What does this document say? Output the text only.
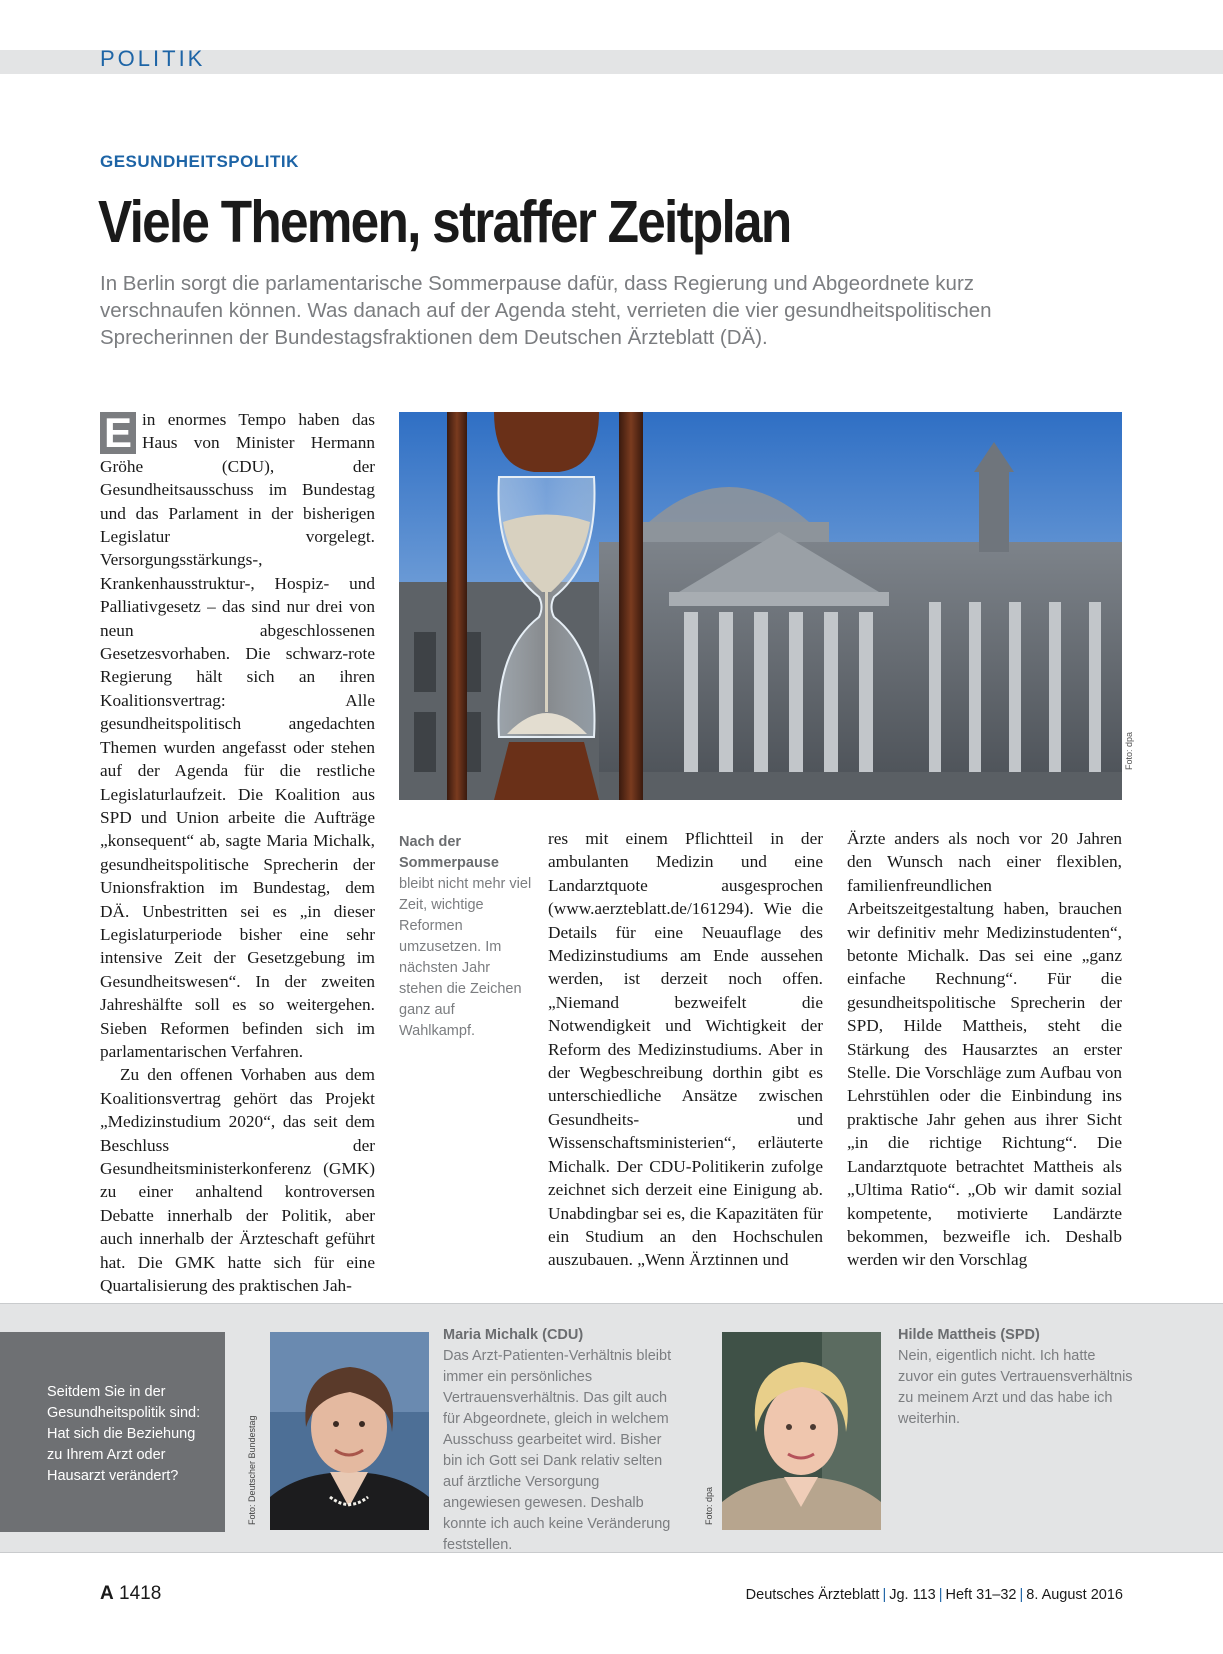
POLITIK
GESUNDHEITSPOLITIK
Viele Themen, straffer Zeitplan

In Berlin sorgt die parlamentarische Sommerpause dafür, dass Regierung und Abgeordnete kurz verschnaufen können. Was danach auf der Agenda steht, verrieten die vier gesundheitspolitischen Sprecherinnen der Bundestagsfraktionen dem Deutschen Ärzteblatt (DÄ).

E in enormes Tempo haben das Haus von Minister Hermann Gröhe (CDU), der Gesundheitsausschuss im Bundestag und das Parlament in der bisherigen Legislatur vorgelegt. Versorgungsstärkungs-, Krankenhausstruktur-, Hospiz- und Palliativgesetz – das sind nur drei von neun abgeschlossenen Gesetzesvorhaben. Die schwarz-rote Regierung hält sich an ihren Koalitionsvertrag: Alle gesundheitspolitisch angedachten Themen wurden angefasst oder stehen auf der Agenda für die restliche Legislaturlaufzeit. Die Koalition aus SPD und Union arbeite die Aufträge „konsequent“ ab, sagte Maria Michalk, gesundheitspolitische Sprecherin der Unionsfraktion im Bundestag, dem DÄ. Unbestritten sei es „in dieser Legislaturperiode bisher eine sehr intensive Zeit der Gesetzgebung im Gesundheitswesen“. In der zweiten Jahreshälfte soll es so weitergehen. Sieben Reformen befinden sich im parlamentarischen Verfahren.

Zu den offenen Vorhaben aus dem Koalitionsvertrag gehört das Projekt „Medizinstudium 2020“, das seit dem Beschluss der Gesundheitsministerkonferenz (GMK) zu einer anhaltend kontroversen Debatte innerhalb der Politik, aber auch innerhalb der Ärzteschaft geführt hat. Die GMK hatte sich für eine Quartalisierung des praktischen Jah-

Foto: dpa
Nach der Sommerpause bleibt nicht mehr viel Zeit, wichtige Reformen umzusetzen. Im nächsten Jahr stehen die Zeichen ganz auf Wahlkampf.

res mit einem Pflichtteil in der ambulanten Medizin und eine Landarztquote ausgesprochen (www.aerzteblatt.de/161294). Wie die Details für eine Neuauflage des Medizinstudiums am Ende aussehen werden, ist derzeit noch offen. „Niemand bezweifelt die Notwendigkeit und Wichtigkeit der Reform des Medizinstudiums. Aber in der Wegbeschreibung dorthin gibt es unterschiedliche Ansätze zwischen Gesundheits- und Wissenschaftsministerien“, erläuterte Michalk. Der CDU-Politikerin zufolge zeichnet sich derzeit eine Einigung ab. Unabdingbar sei es, die Kapazitäten für ein Studium an den Hochschulen auszubauen. „Wenn Ärztinnen und

Ärzte anders als noch vor 20 Jahren den Wunsch nach einer flexiblen, familienfreundlichen Arbeitszeitgestaltung haben, brauchen wir definitiv mehr Medizinstudenten“, betonte Michalk. Das sei eine „ganz einfache Rechnung“. Für die gesundheitspolitische Sprecherin der SPD, Hilde Mattheis, steht die Stärkung des Hausarztes an erster Stelle. Die Vorschläge zum Aufbau von Lehrstühlen oder die Einbindung ins praktische Jahr gehen aus ihrer Sicht „in die richtige Richtung“. Die Landarztquote betrachtet Mattheis als „Ultima Ratio“. „Ob wir damit sozial kompetente, motivierte Landärzte bekommen, bezweifle ich. Deshalb werden wir den Vorschlag

Seitdem Sie in der Gesundheitspolitik sind: Hat sich die Beziehung zu Ihrem Arzt oder Hausarzt verändert?	Foto: Deutscher Bundestag
Maria Michalk (CDU)
Das Arzt-Patienten-Verhältnis bleibt immer ein persönliches Vertrauensverhältnis. Das gilt auch für Abgeordnete, gleich in welchem Ausschuss gearbeitet wird. Bisher bin ich Gott sei Dank relativ selten auf ärztliche Versorgung angewiesen gewesen. Deshalb konnte ich auch keine Veränderung feststellen.
Foto: dpa
Hilde Mattheis (SPD)
Nein, eigentlich nicht. Ich hatte zuvor ein gutes Vertrauensverhältnis zu meinem Arzt und das habe ich weiterhin.
A 1418	Deutsches Ärzteblatt | Jg. 113 | Heft 31–32 | 8. August 2016
